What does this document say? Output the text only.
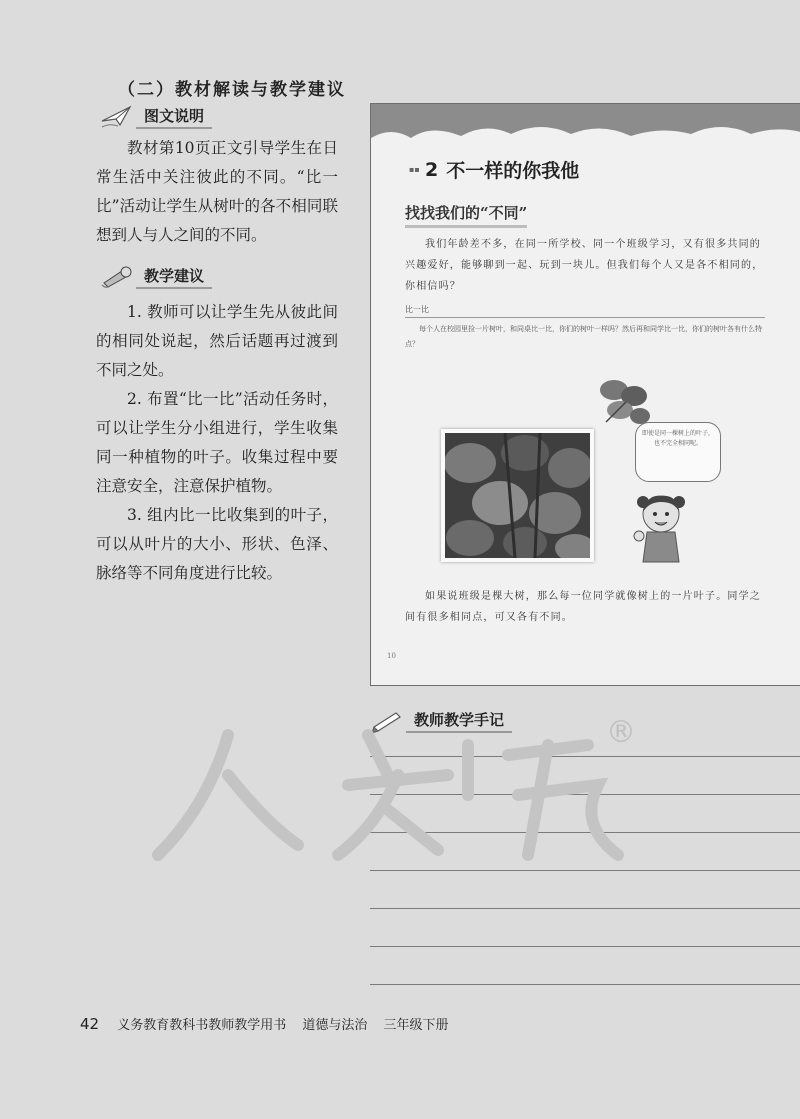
（二）教材解读与教学建议
图文说明

教材第10页正文引导学生在日常生活中关注彼此的不同。“比一比”活动让学生从树叶的各不相同联想到人与人之间的不同。

教学建议

1. 教师可以让学生先从彼此间的相同处说起，然后话题再过渡到不同之处。

2. 布置“比一比”活动任务时，可以让学生分小组进行，学生收集同一种植物的叶子。收集过程中要注意安全，注意保护植物。

3. 组内比一比收集到的叶子，可以从叶片的大小、形状、色泽、脉络等不同角度进行比较。

▪▪ 2 不一样的你我他
找找我们的“不同”

我们年龄差不多，在同一所学校、同一个班级学习，又有很多共同的兴趣爱好，能够聊到一起、玩到一块儿。但我们每个人又是各不相同的，你相信吗？

比一比

每个人在校园里捡一片树叶，和同桌比一比，你们的树叶一样吗？然后再和同学比一比，你们的树叶各有什么特点？

即使是同一棵树上的叶子，也不完全相同呢。

如果说班级是棵大树，那么每一位同学就像树上的一片叶子。同学之间有很多相同点，可又各有不同。

10
教师教学手记	®
42 义务教育教科书教师教学用书 道德与法治 三年级下册
